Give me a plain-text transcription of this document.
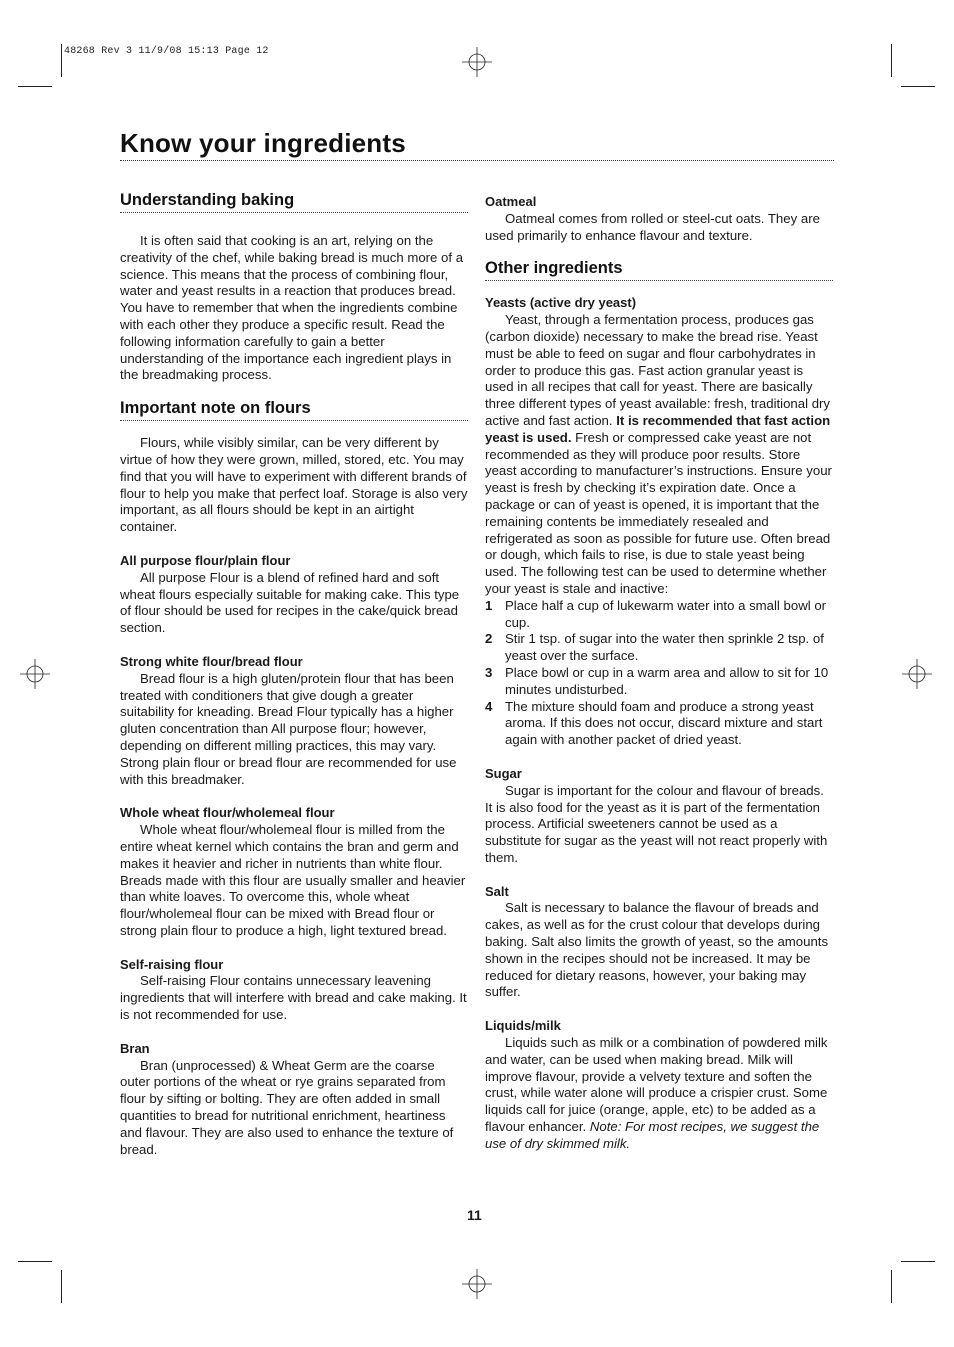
48268 Rev 3 11/9/08 15:13 Page 12
Know your ingredients
Understanding baking

It is often said that cooking is an art, relying on the creativity of the chef, while baking bread is much more of a science. This means that the process of combining flour, water and yeast results in a reaction that produces bread. You have to remember that when the ingredients combine with each other they produce a specific result. Read the following information carefully to gain a better understanding of the importance each ingredient plays in the breadmaking process.

Important note on flours

Flours, while visibly similar, can be very different by virtue of how they were grown, milled, stored, etc. You may find that you will have to experiment with different brands of flour to help you make that perfect loaf. Storage is also very important, as all flours should be kept in an airtight container.

All purpose flour/plain flour

All purpose Flour is a blend of refined hard and soft wheat flours especially suitable for making cake. This type of flour should be used for recipes in the cake/quick bread section.

Strong white flour/bread flour

Bread flour is a high gluten/protein flour that has been treated with conditioners that give dough a greater suitability for kneading. Bread Flour typically has a higher gluten concentration than All purpose flour; however, depending on different milling practices, this may vary. Strong plain flour or bread flour are recommended for use with this breadmaker.

Whole wheat flour/wholemeal flour

Whole wheat flour/wholemeal flour is milled from the entire wheat kernel which contains the bran and germ and makes it heavier and richer in nutrients than white flour. Breads made with this flour are usually smaller and heavier than white loaves. To overcome this, whole wheat flour/wholemeal flour can be mixed with Bread flour or strong plain flour to produce a high, light textured bread.

Self-raising flour

Self-raising Flour contains unnecessary leavening ingredients that will interfere with bread and cake making. It is not recommended for use.

Bran

Bran (unprocessed) & Wheat Germ are the coarse outer portions of the wheat or rye grains separated from flour by sifting or bolting. They are often added in small quantities to bread for nutritional enrichment, heartiness and flavour. They are also used to enhance the texture of bread.

Oatmeal

Oatmeal comes from rolled or steel-cut oats. They are used primarily to enhance flavour and texture.

Other ingredients
Yeasts (active dry yeast)

Yeast, through a fermentation process, produces gas (carbon dioxide) necessary to make the bread rise. Yeast must be able to feed on sugar and flour carbohydrates in order to produce this gas. Fast action granular yeast is used in all recipes that call for yeast. There are basically three different types of yeast available: fresh, traditional dry active and fast action. It is recommended that fast action yeast is used. Fresh or compressed cake yeast are not recommended as they will produce poor results. Store yeast according to manufacturer’s instructions. Ensure your yeast is fresh by checking it’s expiration date. Once a package or can of yeast is opened, it is important that the remaining contents be immediately resealed and refrigerated as soon as possible for future use. Often bread or dough, which fails to rise, is due to stale yeast being used. The following test can be used to determine whether your yeast is stale and inactive:

1 Place half a cup of lukewarm water into a small bowl or cup.
2 Stir 1 tsp. of sugar into the water then sprinkle 2 tsp. of yeast over the surface.
3 Place bowl or cup in a warm area and allow to sit for 10 minutes undisturbed.
4 The mixture should foam and produce a strong yeast aroma. If this does not occur, discard mixture and start again with another packet of dried yeast.
Sugar

Sugar is important for the colour and flavour of breads. It is also food for the yeast as it is part of the fermentation process. Artificial sweeteners cannot be used as a substitute for sugar as the yeast will not react properly with them.

Salt

Salt is necessary to balance the flavour of breads and cakes, as well as for the crust colour that develops during baking. Salt also limits the growth of yeast, so the amounts shown in the recipes should not be increased. It may be reduced for dietary reasons, however, your baking may suffer.

Liquids/milk

Liquids such as milk or a combination of powdered milk and water, can be used when making bread. Milk will improve flavour, provide a velvety texture and soften the crust, while water alone will produce a crispier crust. Some liquids call for juice (orange, apple, etc) to be added as a flavour enhancer. Note: For most recipes, we suggest the use of dry skimmed milk.

11
